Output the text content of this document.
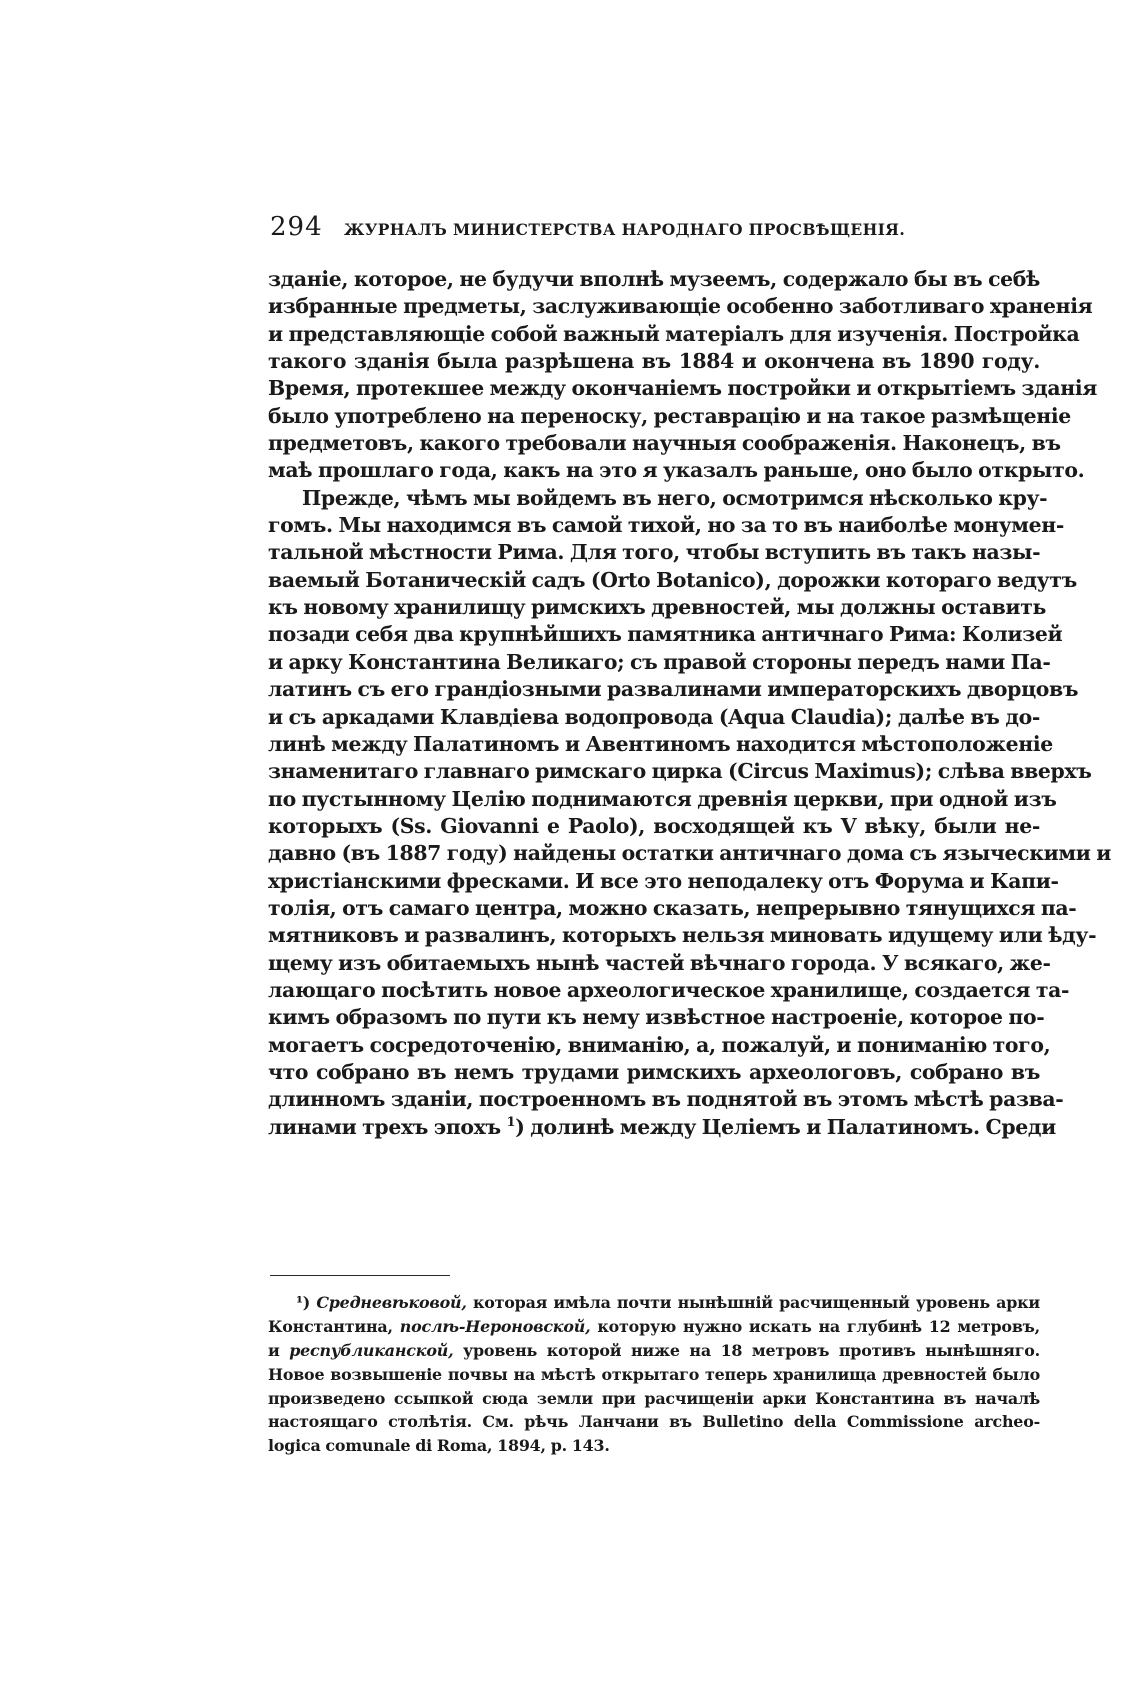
294 ЖУРНАЛЪ МИНИСТЕРСТВА НАРОДНАГО ПРОСВѢЩЕНІЯ.
зданіе, которое, не будучи вполнѣ музеемъ, содержало бы въ себѣ
избранные предметы, заслуживающіе особенно заботливаго храненія
и представляющіе собой важный матеріалъ для изученія. Постройка
такого зданія была разрѣшена въ 1884 и окончена въ 1890 году.
Время, протекшее между окончаніемъ постройки и открытіемъ зданія
было употреблено на переноску, реставрацію и на такое размѣщеніе
предметовъ, какого требовали научныя соображенія. Наконецъ, въ
маѣ прошлаго года, какъ на это я указалъ раньше, оно было открыто.
Прежде, чѣмъ мы войдемъ въ него, осмотримся нѣсколько кру-
гомъ. Мы находимся въ самой тихой, но за то въ наиболѣе монумен-
тальной мѣстности Рима. Для того, чтобы вступить въ такъ назы-
ваемый Ботаническій садъ (Orto Botanico), дорожки котораго ведутъ
къ новому хранилищу римскихъ древностей, мы должны оставить
позади себя два крупнѣйшихъ памятника античнаго Рима: Колизей
и арку Константина Великаго; съ правой стороны передъ нами Па-
латинъ съ его грандіозными развалинами императорскихъ дворцовъ
и съ аркадами Клавдіева водопровода (Aqua Claudia); далѣе въ до-
линѣ между Палатиномъ и Авентиномъ находится мѣстоположеніе
знаменитаго главнаго римскаго цирка (Circus Maximus); слѣва вверхъ
по пустынному Целію поднимаются древнія церкви, при одной изъ
которыхъ (Ss. Giovanni e Paolo), восходящей къ V вѣку, были не-
давно (въ 1887 году) найдены остатки античнаго дома съ языческими и
христіанскими фресками. И все это неподалеку отъ Форума и Капи-
толія, отъ самаго центра, можно сказать, непрерывно тянущихся па-
мятниковъ и развалинъ, которыхъ нельзя миновать идущему или ѣду-
щему изъ обитаемыхъ нынѣ частей вѣчнаго города. У всякаго, же-
лающаго посѣтить новое археологическое хранилище, создается та-
кимъ образомъ по пути къ нему извѣстное настроеніе, которое по-
могаетъ сосредоточенію, вниманію, а, пожалуй, и пониманію того,
что собрано въ немъ трудами римскихъ археологовъ, собрано въ
длинномъ зданіи, построенномъ въ поднятой въ этомъ мѣстѣ разва-
линами трехъ эпохъ $^1$) долинѣ между Целіемъ и Палатиномъ. Среди
¹) Средневѣковой, которая имѣла почти нынѣшній расчищенный уровень арки
Константина, послѣ-Нероновской, которую нужно искать на глубинѣ 12 метровъ,
и республиканской, уровень которой ниже на 18 метровъ противъ нынѣшняго.
Новое возвышеніе почвы на мѣстѣ открытаго теперь хранилища древностей было
произведено ссыпкой сюда земли при расчищеніи арки Константина въ началѣ
настоящаго столѣтія. См. рѣчь Ланчани въ Bulletino della Commissione archeo-
logica comunale di Roma, 1894, p. 143.
